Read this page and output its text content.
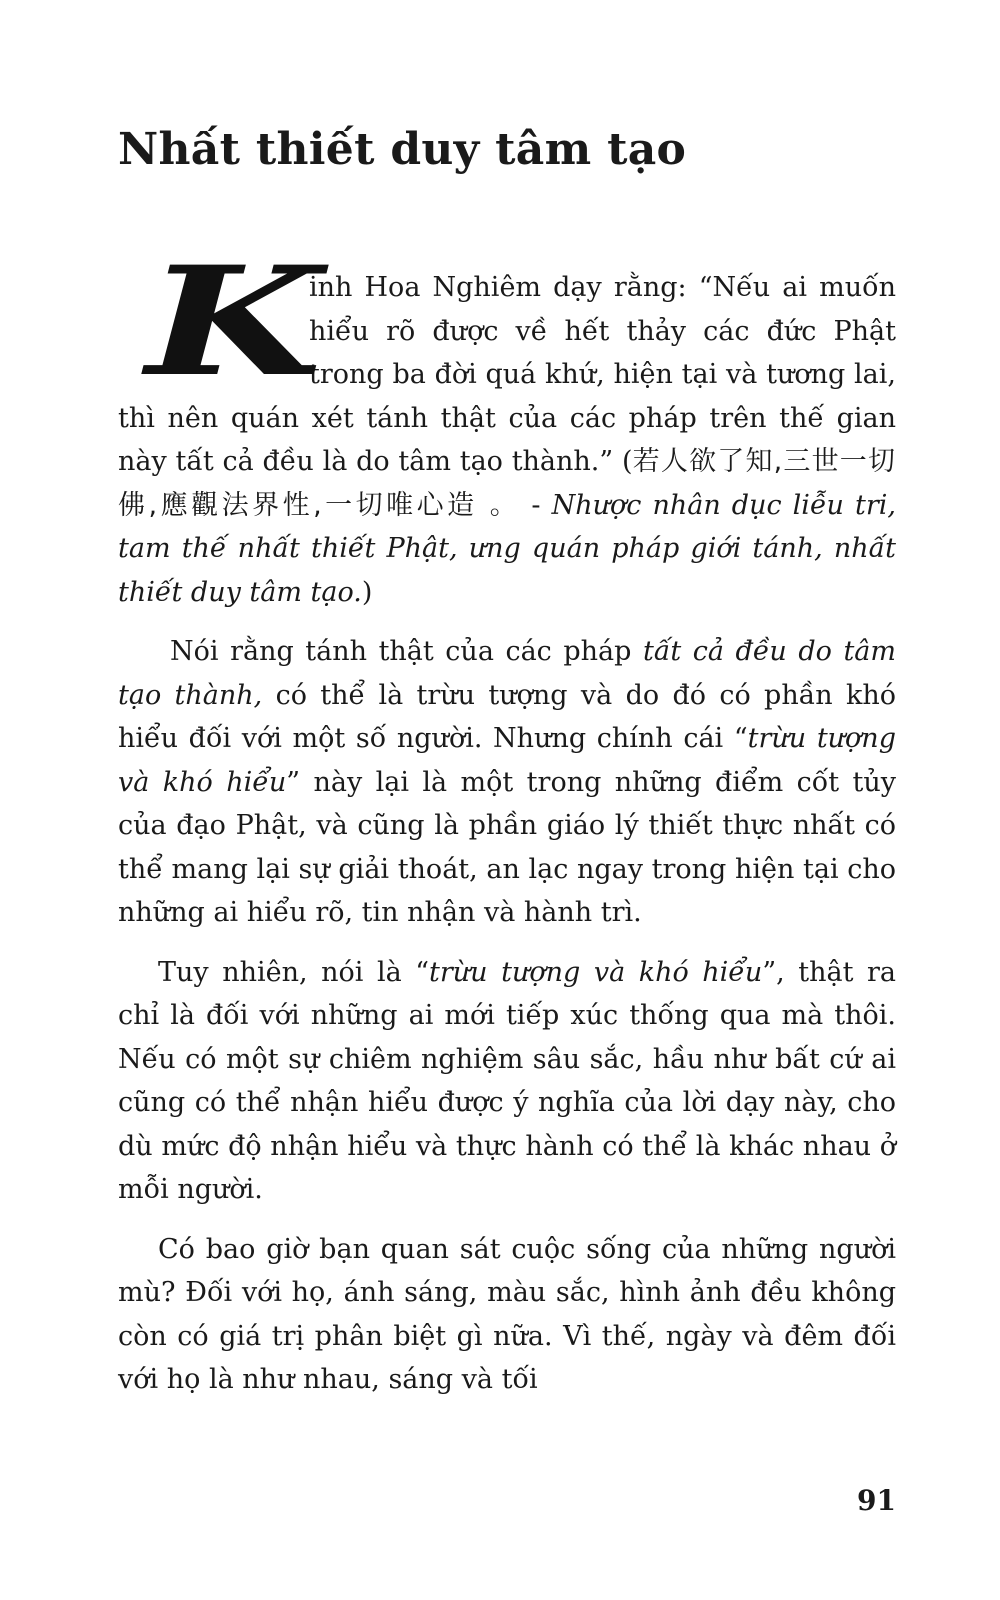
Nhất thiết duy tâm tạo

K
inh Hoa Nghiêm dạy rằng: “Nếu ai muốn hiểu rõ được về hết thảy các đức Phật trong ba đời quá khứ, hiện tại và tương lai, thì nên quán xét tánh thật của các pháp trên thế gian này tất cả đều là do tâm tạo thành.” (若人欲了知,三世一切佛,應觀法界性,一切唯心造 。 - Nhược nhân dục liễu tri, tam thế nhất thiết Phật, ưng quán pháp giới tánh, nhất thiết duy tâm tạo.)

Nói rằng tánh thật của các pháp tất cả đều do tâm tạo thành, có thể là trừu tượng và do đó có phần khó hiểu đối với một số người. Nhưng chính cái “trừu tượng và khó hiểu” này lại là một trong những điểm cốt tủy của đạo Phật, và cũng là phần giáo lý thiết thực nhất có thể mang lại sự giải thoát, an lạc ngay trong hiện tại cho những ai hiểu rõ, tin nhận và hành trì.

Tuy nhiên, nói là “trừu tượng và khó hiểu”, thật ra chỉ là đối với những ai mới tiếp xúc thống qua mà thôi. Nếu có một sự chiêm nghiệm sâu sắc, hầu như bất cứ ai cũng có thể nhận hiểu được ý nghĩa của lời dạy này, cho dù mức độ nhận hiểu và thực hành có thể là khác nhau ở mỗi người.

Có bao giờ bạn quan sát cuộc sống của những người mù? Đối với họ, ánh sáng, màu sắc, hình ảnh đều không còn có giá trị phân biệt gì nữa. Vì thế, ngày và đêm đối với họ là như nhau, sáng và tối

91
